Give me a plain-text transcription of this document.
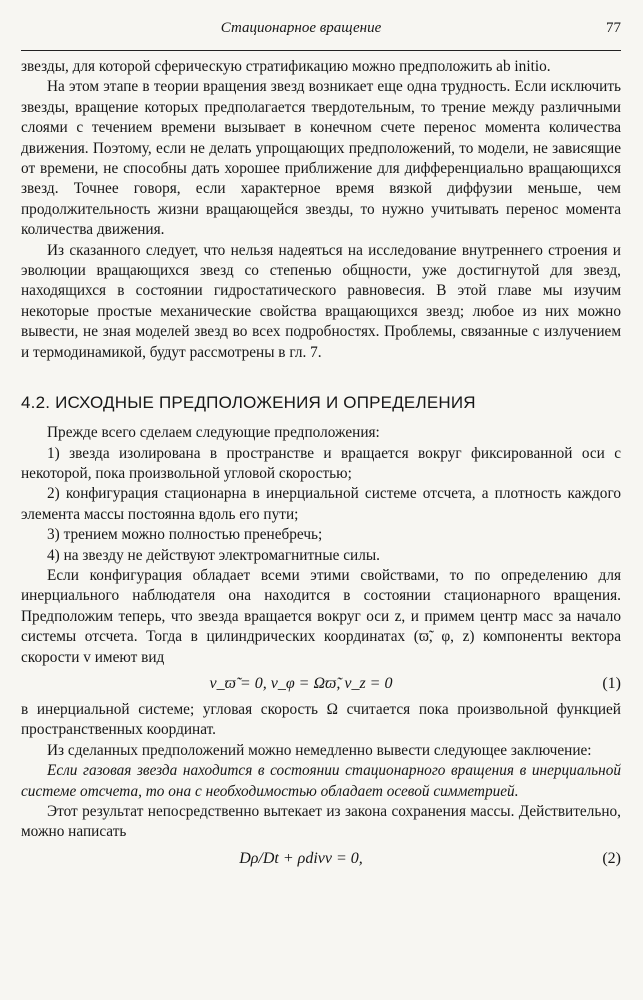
Стационарное вращение	77

звезды, для которой сферическую стратификацию можно предположить ab initio.

На этом этапе в теории вращения звезд возникает еще одна трудность. Если исключить звезды, вращение которых предполагается твердотельным, то трение между различными слоями с течением времени вызывает в конечном счете перенос момента количества движения. Поэтому, если не делать упрощающих предположений, то модели, не зависящие от времени, не способны дать хорошее приближение для дифференциально вращающихся звезд. Точнее говоря, если характерное время вязкой диффузии меньше, чем продолжительность жизни вращающейся звезды, то нужно учитывать перенос момента количества движения.

Из сказанного следует, что нельзя надеяться на исследование внутреннего строения и эволюции вращающихся звезд со степенью общности, уже достигнутой для звезд, находящихся в состоянии гидростатического равновесия. В этой главе мы изучим некоторые простые механические свойства вращающихся звезд; любое из них можно вывести, не зная моделей звезд во всех подробностях. Проблемы, связанные с излучением и термодинамикой, будут рассмотрены в гл. 7.

4.2. ИСХОДНЫЕ ПРЕДПОЛОЖЕНИЯ И ОПРЕДЕЛЕНИЯ

Прежде всего сделаем следующие предположения:

1) звезда изолирована в пространстве и вращается вокруг фиксированной оси с некоторой, пока произвольной угловой скоростью;

2) конфигурация стационарна в инерциальной системе отсчета, а плотность каждого элемента массы постоянна вдоль его пути;

3) трением можно полностью пренебречь;

4) на звезду не действуют электромагнитные силы.

Если конфигурация обладает всеми этими свойствами, то по определению для инерциального наблюдателя она находится в состоянии стационарного вращения. Предположим теперь, что звезда вращается вокруг оси z, и примем центр масс за начало системы отсчета. Тогда в цилиндрических координатах (ϖ̃, φ, z) компоненты вектора скорости v имеют вид

v_ϖ̃ = 0, v_φ = Ωϖ̃, v_z = 0	(1)

в инерциальной системе; угловая скорость Ω считается пока произвольной функцией пространственных координат.

Из сделанных предположений можно немедленно вывести следующее заключение:

Если газовая звезда находится в состоянии стационарного вращения в инерциальной системе отсчета, то она с необходимостью обладает осевой симметрией.

Этот результат непосредственно вытекает из закона сохранения массы. Действительно, можно написать

Dρ/Dt + ρdivv = 0,	(2)
